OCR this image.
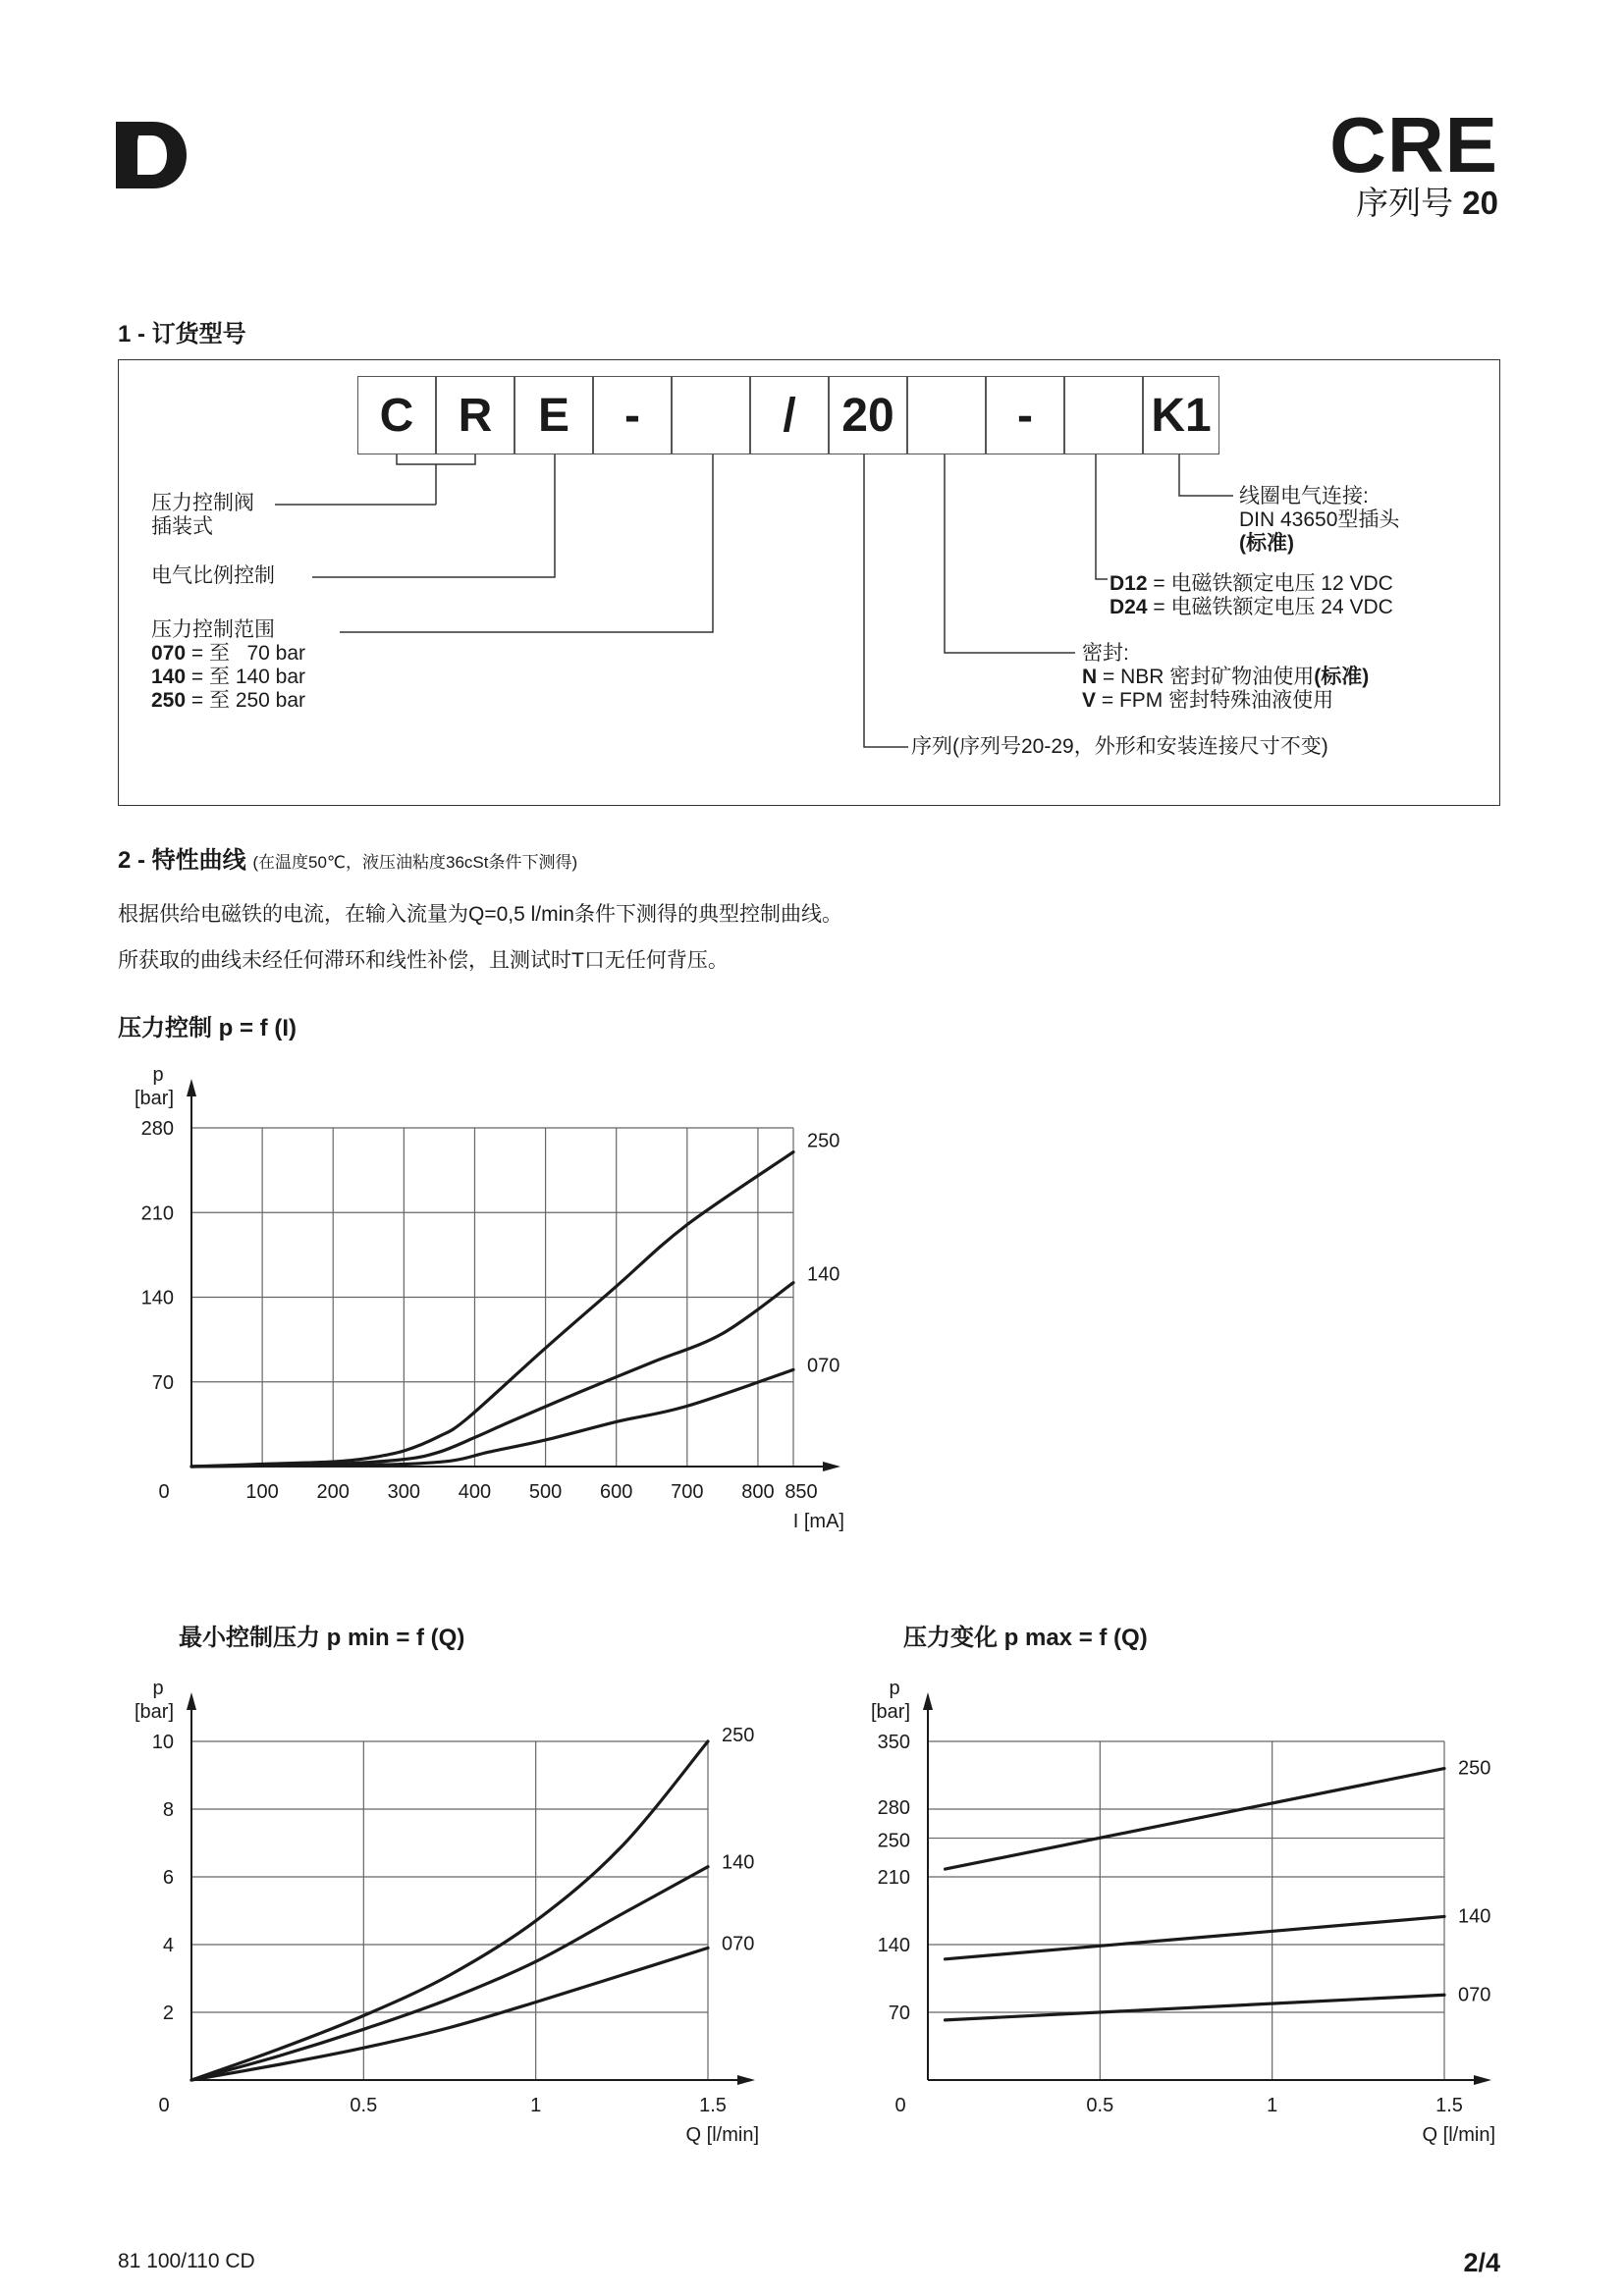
CRE
序列号 20
1 - 订货型号
C R E	-	/ 20	-	K1
压力控制阀
插装式
电气比例控制
压力控制范围
070 = 至   70 bar
140 = 至 140 bar
250 = 至 250 bar
线圈电气连接:
DIN 43650型插头
(标准)
D12 = 电磁铁额定电压 12 VDC
D24 = 电磁铁额定电压 24 VDC
密封:
N = NBR 密封矿物油使用(标准)
V = FPM 密封特殊油液使用
序列(序列号20-29，外形和安装连接尺寸不变)
2 - 特性曲线 (在温度50℃，液压油粘度36cSt条件下测得)
根据供给电磁铁的电流，在输入流量为Q=0,5 l/min条件下测得的典型控制曲线。
所获取的曲线未经任何滞环和线性补偿，且测试时T口无任何背压。
压力控制 p = f (I)
最小控制压力 p min = f (Q)	压力变化 p max = f (Q)
p
[bar]
70
140
210
280
0	100 200 300 400 500 600 700 800 850
I [mA]
250
140
070
p
[bar]
2
4
6
8
10
0	0.5	1	1.5
Q [l/min]
250
140
070
p
[bar]
70
140
210
250
280
350
0	0.5	1	1.5
Q [l/min]
250
140
070
81 100/110 CD	2/4
